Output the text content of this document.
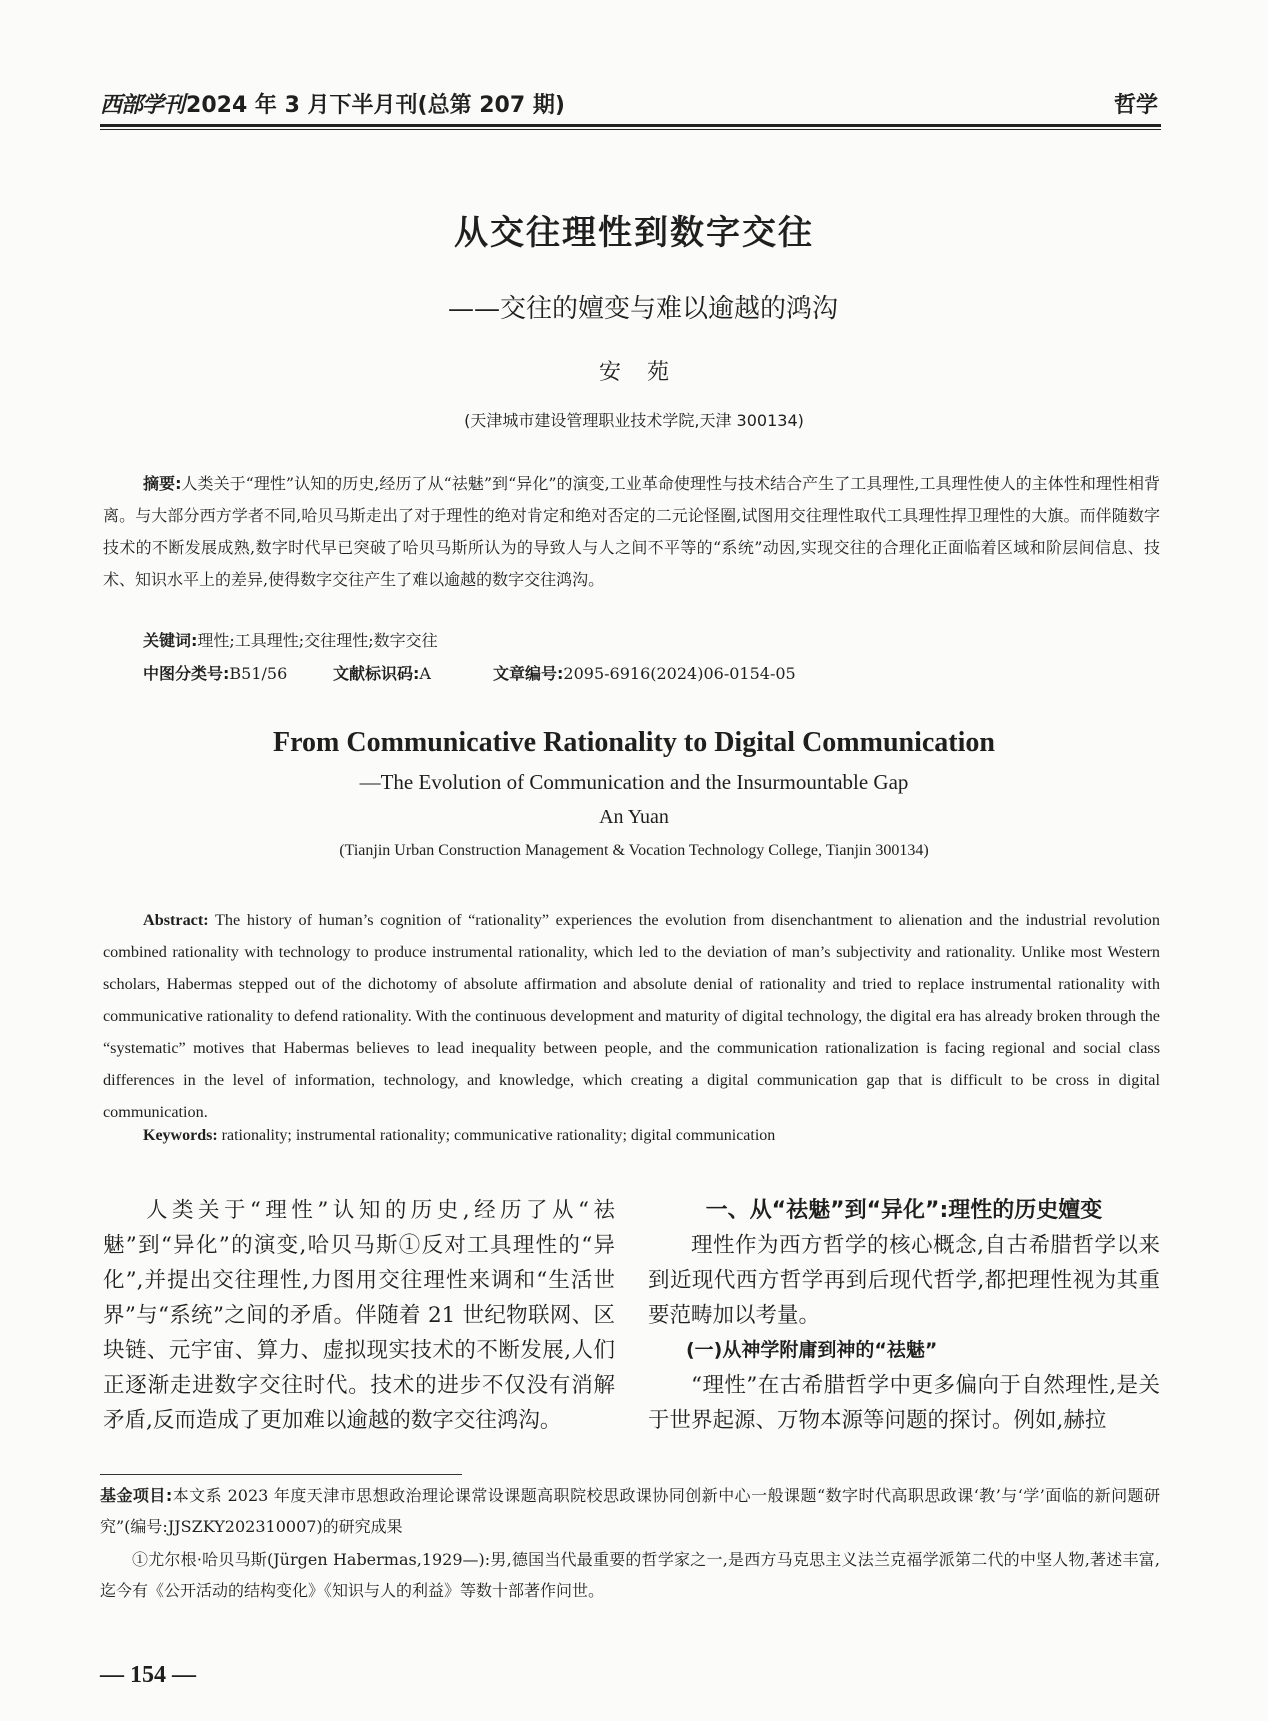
西部学刊2024 年 3 月下半月刊(总第 207 期)	哲学
从交往理性到数字交往
——交往的嬗变与难以逾越的鸿沟
安苑
(天津城市建设管理职业技术学院,天津 300134)
摘要:人类关于“理性”认知的历史,经历了从“祛魅”到“异化”的演变,工业革命使理性与技术结合产生了工具理性,工具理性使人的主体性和理性相背离。与大部分西方学者不同,哈贝马斯走出了对于理性的绝对肯定和绝对否定的二元论怪圈,试图用交往理性取代工具理性捍卫理性的大旗。而伴随数字技术的不断发展成熟,数字时代早已突破了哈贝马斯所认为的导致人与人之间不平等的“系统”动因,实现交往的合理化正面临着区域和阶层间信息、技术、知识水平上的差异,使得数字交往产生了难以逾越的数字交往鸿沟。
关键词:理性;工具理性;交往理性;数字交往
中图分类号:B51/56	文献标识码:A	文章编号:2095-6916(2024)06-0154-05
From Communicative Rationality to Digital Communication
—The Evolution of Communication and the Insurmountable Gap
An Yuan
(Tianjin Urban Construction Management & Vocation Technology College, Tianjin 300134)
Abstract: The history of human’s cognition of “rationality” experiences the evolution from disenchantment to alienation and the industrial revolution combined rationality with technology to produce instrumental rationality, which led to the deviation of man’s subjectivity and rationality. Unlike most Western scholars, Habermas stepped out of the dichotomy of absolute affirmation and absolute denial of rationality and tried to replace instrumental rationality with communicative rationality to defend rationality. With the continuous development and maturity of digital technology, the digital era has already broken through the “systematic” motives that Habermas believes to lead inequality between people, and the communication rationalization is facing regional and social class differences in the level of information, technology, and knowledge, which creating a digital communication gap that is difficult to be cross in digital communication.
Keywords: rationality; instrumental rationality; communicative rationality; digital communication

人类关于“理性”认知的历史,经历了从“祛魅”到“异化”的演变,哈贝马斯①反对工具理性的“异化”,并提出交往理性,力图用交往理性来调和“生活世界”与“系统”之间的矛盾。伴随着 21 世纪物联网、区块链、元宇宙、算力、虚拟现实技术的不断发展,人们正逐渐走进数字交往时代。技术的进步不仅没有消解矛盾,反而造成了更加难以逾越的数字交往鸿沟。

一、从“祛魅”到“异化”:理性的历史嬗变

理性作为西方哲学的核心概念,自古希腊哲学以来到近现代西方哲学再到后现代哲学,都把理性视为其重要范畴加以考量。

(一)从神学附庸到神的“祛魅”

“理性”在古希腊哲学中更多偏向于自然理性,是关于世界起源、万物本源等问题的探讨。例如,赫拉

基金项目:本文系 2023 年度天津市思想政治理论课常设课题高职院校思政课协同创新中心一般课题“数字时代高职思政课‘教’与‘学’面临的新问题研究”(编号:JJSZKY202310007)的研究成果

①尤尔根·哈贝马斯(Jürgen Habermas,1929—):男,德国当代最重要的哲学家之一,是西方马克思主义法兰克福学派第二代的中坚人物,著述丰富,迄今有《公开活动的结构变化》《知识与人的利益》等数十部著作问世。

— 154 —
